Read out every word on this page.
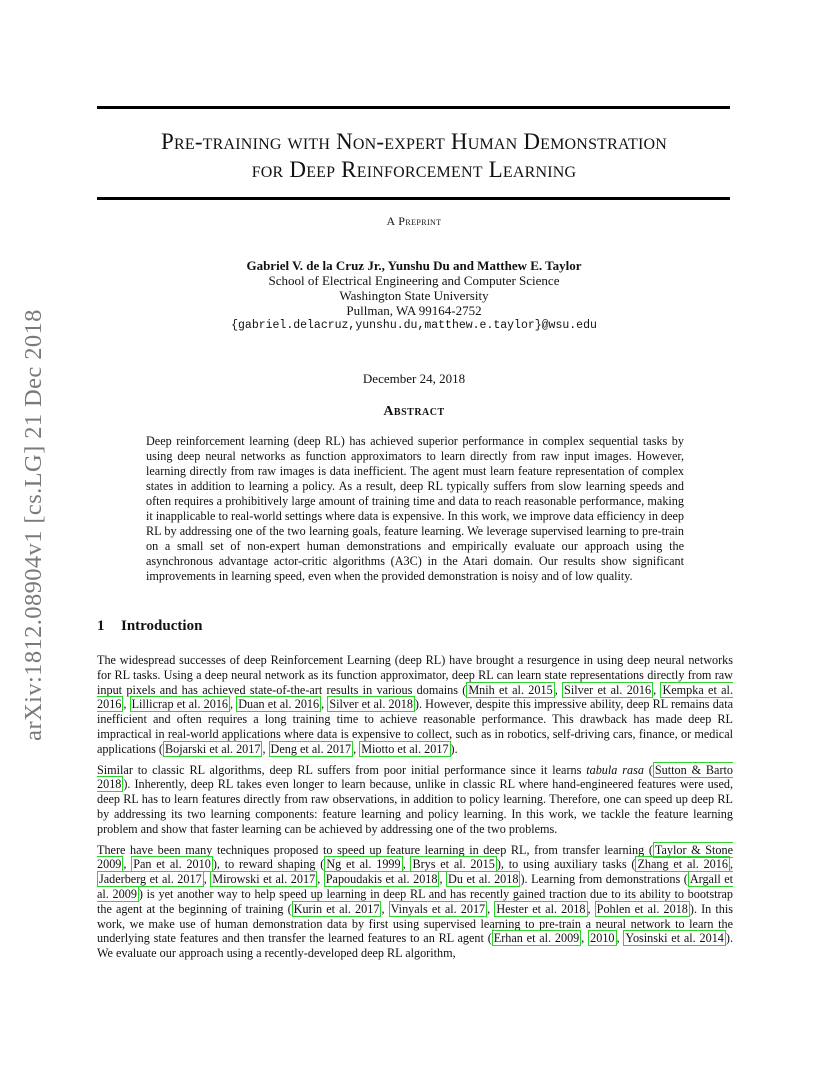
arXiv:1812.08904v1 [cs.LG] 21 Dec 2018
Pre-training with Non-expert Human Demonstration
for Deep Reinforcement Learning
A Preprint
Gabriel V. de la Cruz Jr., Yunshu Du and Matthew E. Taylor
School of Electrical Engineering and Computer Science
Washington State University
Pullman, WA 99164-2752
{gabriel.delacruz,yunshu.du,matthew.e.taylor}@wsu.edu
December 24, 2018
Abstract
Deep reinforcement learning (deep RL) has achieved superior performance in complex sequential tasks by using deep neural networks as function approximators to learn directly from raw input images. However, learning directly from raw images is data inefficient. The agent must learn feature representation of complex states in addition to learning a policy. As a result, deep RL typically suffers from slow learning speeds and often requires a prohibitively large amount of training time and data to reach reasonable performance, making it inapplicable to real-world settings where data is expensive. In this work, we improve data efficiency in deep RL by addressing one of the two learning goals, feature learning. We leverage supervised learning to pre-train on a small set of non-expert human demonstrations and empirically evaluate our approach using the asynchronous advantage actor-critic algorithms (A3C) in the Atari domain. Our results show significant improvements in learning speed, even when the provided demonstration is noisy and of low quality.
1 Introduction

The widespread successes of deep Reinforcement Learning (deep RL) have brought a resurgence in using deep neural networks for RL tasks. Using a deep neural network as its function approximator, deep RL can learn state representations directly from raw input pixels and has achieved state-of-the-art results in various domains ( Mnih et al. 2015 , Silver et al. 2016 , Kempka et al. 2016 , Lillicrap et al. 2016 , Duan et al. 2016 , Silver et al. 2018 ). However, despite this impressive ability, deep RL remains data inefficient and often requires a long training time to achieve reasonable performance. This drawback has made deep RL impractical in real-world applications where data is expensive to collect, such as in robotics, self-driving cars, finance, or medical applications ( Bojarski et al. 2017 , Deng et al. 2017 , Miotto et al. 2017 ).

Similar to classic RL algorithms, deep RL suffers from poor initial performance since it learns tabula rasa ( Sutton & Barto 2018 ). Inherently, deep RL takes even longer to learn because, unlike in classic RL where hand-engineered features were used, deep RL has to learn features directly from raw observations, in addition to policy learning. Therefore, one can speed up deep RL by addressing its two learning components: feature learning and policy learning. In this work, we tackle the feature learning problem and show that faster learning can be achieved by addressing one of the two problems.

There have been many techniques proposed to speed up feature learning in deep RL, from transfer learning ( Taylor & Stone 2009 , Pan et al. 2010 ), to reward shaping ( Ng et al. 1999 , Brys et al. 2015 ), to using auxiliary tasks ( Zhang et al. 2016 , Jaderberg et al. 2017 , Mirowski et al. 2017 , Papoudakis et al. 2018 , Du et al. 2018 ). Learning from demonstrations ( Argall et al. 2009 ) is yet another way to help speed up learning in deep RL and has recently gained traction due to its ability to bootstrap the agent at the beginning of training ( Kurin et al. 2017 , Vinyals et al. 2017 , Hester et al. 2018 , Pohlen et al. 2018 ). In this work, we make use of human demonstration data by first using supervised learning to pre-train a neural network to learn the underlying state features and then transfer the learned features to an RL agent ( Erhan et al. 2009 , 2010 , Yosinski et al. 2014 ). We evaluate our approach using a recently-developed deep RL algorithm,
